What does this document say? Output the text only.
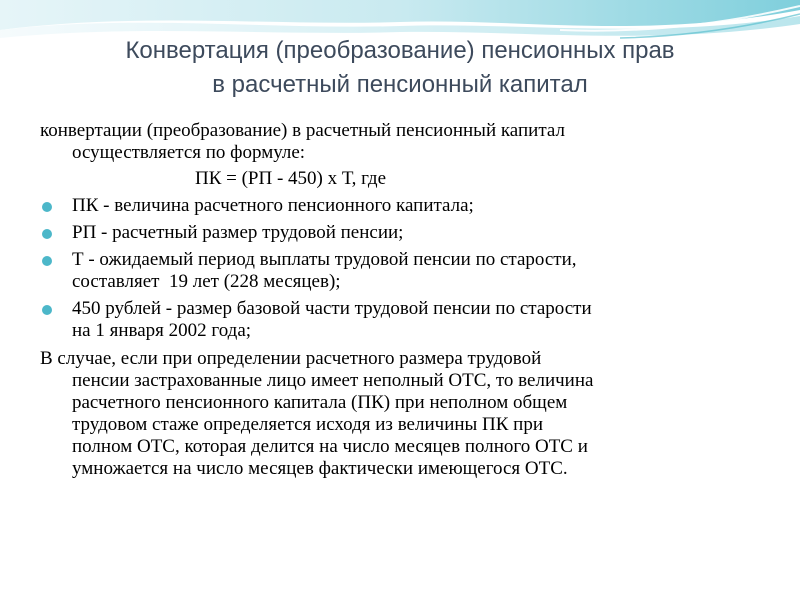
Конвертация (преобразование) пенсионных прав
в расчетный пенсионный капитал
конвертации (преобразование) в расчетный пенсионный капитал
осуществляется по формуле:
ПК = (РП - 450) х Т, где
ПК - величина расчетного пенсионного капитала;
РП - расчетный размер трудовой пенсии;
Т - ожидаемый период выплаты трудовой пенсии по старости,
составляет  19 лет (228 месяцев);
450 рублей - размер базовой части трудовой пенсии по старости
на 1 января 2002 года;
В случае, если при определении расчетного размера трудовой
пенсии застрахованные лицо имеет неполный ОТС, то величина
расчетного пенсионного капитала (ПК) при неполном общем
трудовом стаже определяется исходя из величины ПК при
полном ОТС, которая делится на число месяцев полного ОТС и
умножается на число месяцев фактически имеющегося ОТС.
